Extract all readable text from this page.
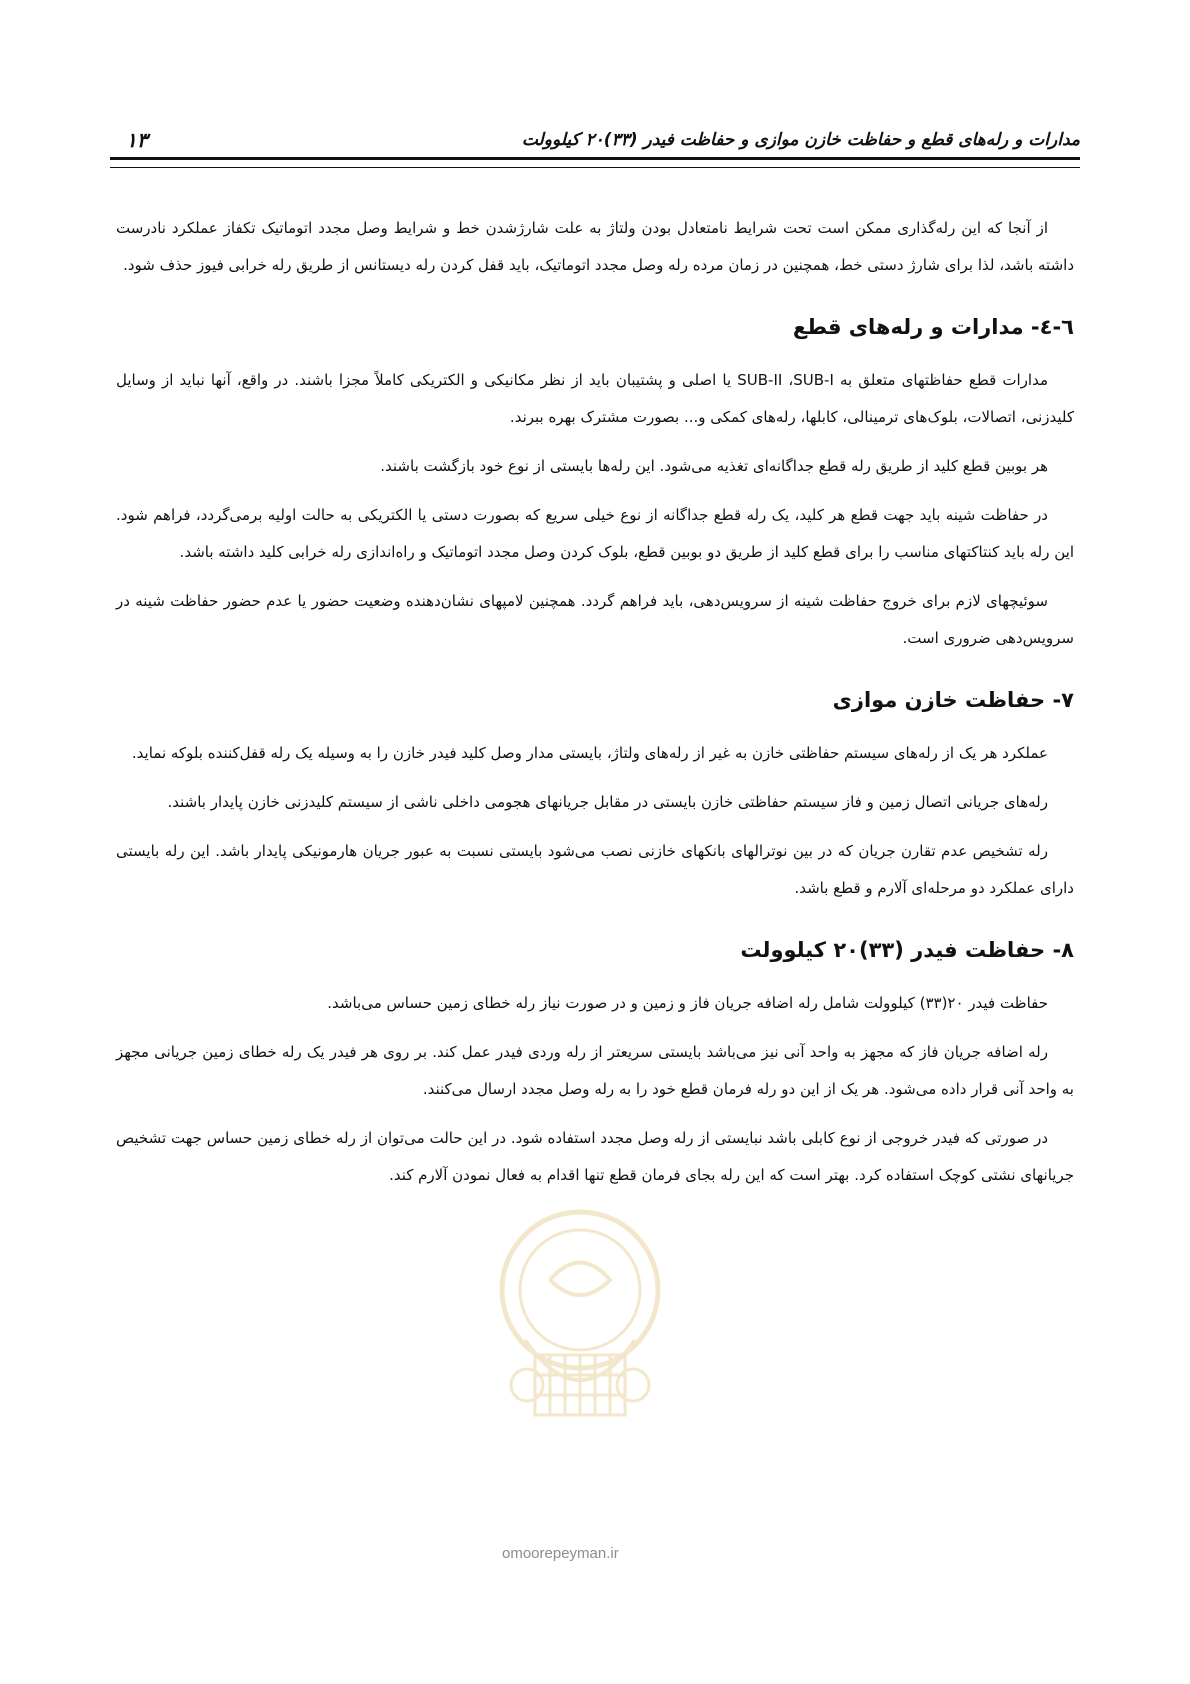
مدارات و رله‌های قطع و حفاظت خازن موازی و حفاظت فیدر (۳۳)۲۰ کیلوولت
۱۳

از آنجا که این رله‌گذاری ممکن است تحت شرایط نامتعادل بودن ولتاژ به علت شارژشدن خط و شرایط وصل مجدد اتوماتیک تکفاز عملکرد نادرست داشته باشد، لذا برای شارژ دستی خط، همچنین در زمان مرده رله وصل مجدد اتوماتیک، باید قفل کردن رله دیستانس از طریق رله خرابی فیوز حذف شود.

٦-٤- مدارات و رله‌های قطع

مدارات قطع حفاظتهای متعلق به SUB-II ،SUB-I یا اصلی و پشتیبان باید از نظر مکانیکی و الکتریکی کاملاً مجزا باشند. در واقع، آنها نباید از وسایل کلیدزنی، اتصالات، بلوک‌های ترمینالی، کابلها، رله‌های کمکی و... بصورت مشترک بهره ببرند.

هر بوبین قطع کلید از طریق رله قطع جداگانه‌ای تغذیه می‌شود. این رله‌ها بایستی از نوع خود بازگشت باشند.

در حفاظت شینه باید جهت قطع هر کلید، یک رله قطع جداگانه از نوع خیلی سریع که بصورت دستی یا الکتریکی به حالت اولیه برمی‌گردد، فراهم شود. این رله باید کنتاکتهای مناسب را برای قطع کلید از طریق دو بوبین قطع، بلوک کردن وصل مجدد اتوماتیک و راه‌اندازی رله خرابی کلید داشته باشد.

سوئیچهای لازم برای خروج حفاظت شینه از سرویس‌دهی، باید فراهم گردد. همچنین لامپهای نشان‌دهنده وضعیت حضور یا عدم حضور حفاظت شینه در سرویس‌دهی ضروری است.

۷- حفاظت خازن موازی

عملکرد هر یک از رله‌های سیستم حفاظتی خازن به غیر از رله‌های ولتاژ، بایستی مدار وصل کلید فیدر خازن را به وسیله یک رله قفل‌کننده بلوکه نماید.

رله‌های جریانی اتصال زمین و فاز سیستم حفاظتی خازن بایستی در مقابل جریانهای هجومی داخلی ناشی از سیستم کلیدزنی خازن پایدار باشند.

رله تشخیص عدم تقارن جریان که در بین نوترالهای بانکهای خازنی نصب می‌شود بایستی نسبت به عبور جریان هارمونیکی پایدار باشد. این رله بایستی دارای عملکرد دو مرحله‌ای آلارم و قطع باشد.

۸- حفاظت فیدر (۳۳)۲۰ کیلوولت

حفاظت فیدر ۲۰(۳۳) کیلوولت شامل رله اضافه جریان فاز و زمین و در صورت نیاز رله خطای زمین حساس می‌باشد.

رله اضافه جریان فاز که مجهز به واحد آنی نیز می‌باشد بایستی سریعتر از رله وردی فیدر عمل کند. بر روی هر فیدر یک رله خطای زمین جریانی مجهز به واحد آنی قرار داده می‌شود. هر یک از این دو رله فرمان قطع خود را به رله وصل مجدد ارسال می‌کنند.

در صورتی که فیدر خروجی از نوع کابلی باشد نبایستی از رله وصل مجدد استفاده شود. در این حالت می‌توان از رله خطای زمین حساس جهت تشخیص جریانهای نشتی کوچک استفاده کرد. بهتر است که این رله بجای فرمان قطع تنها اقدام به فعال نمودن آلارم کند.

omoorepeyman.ir
